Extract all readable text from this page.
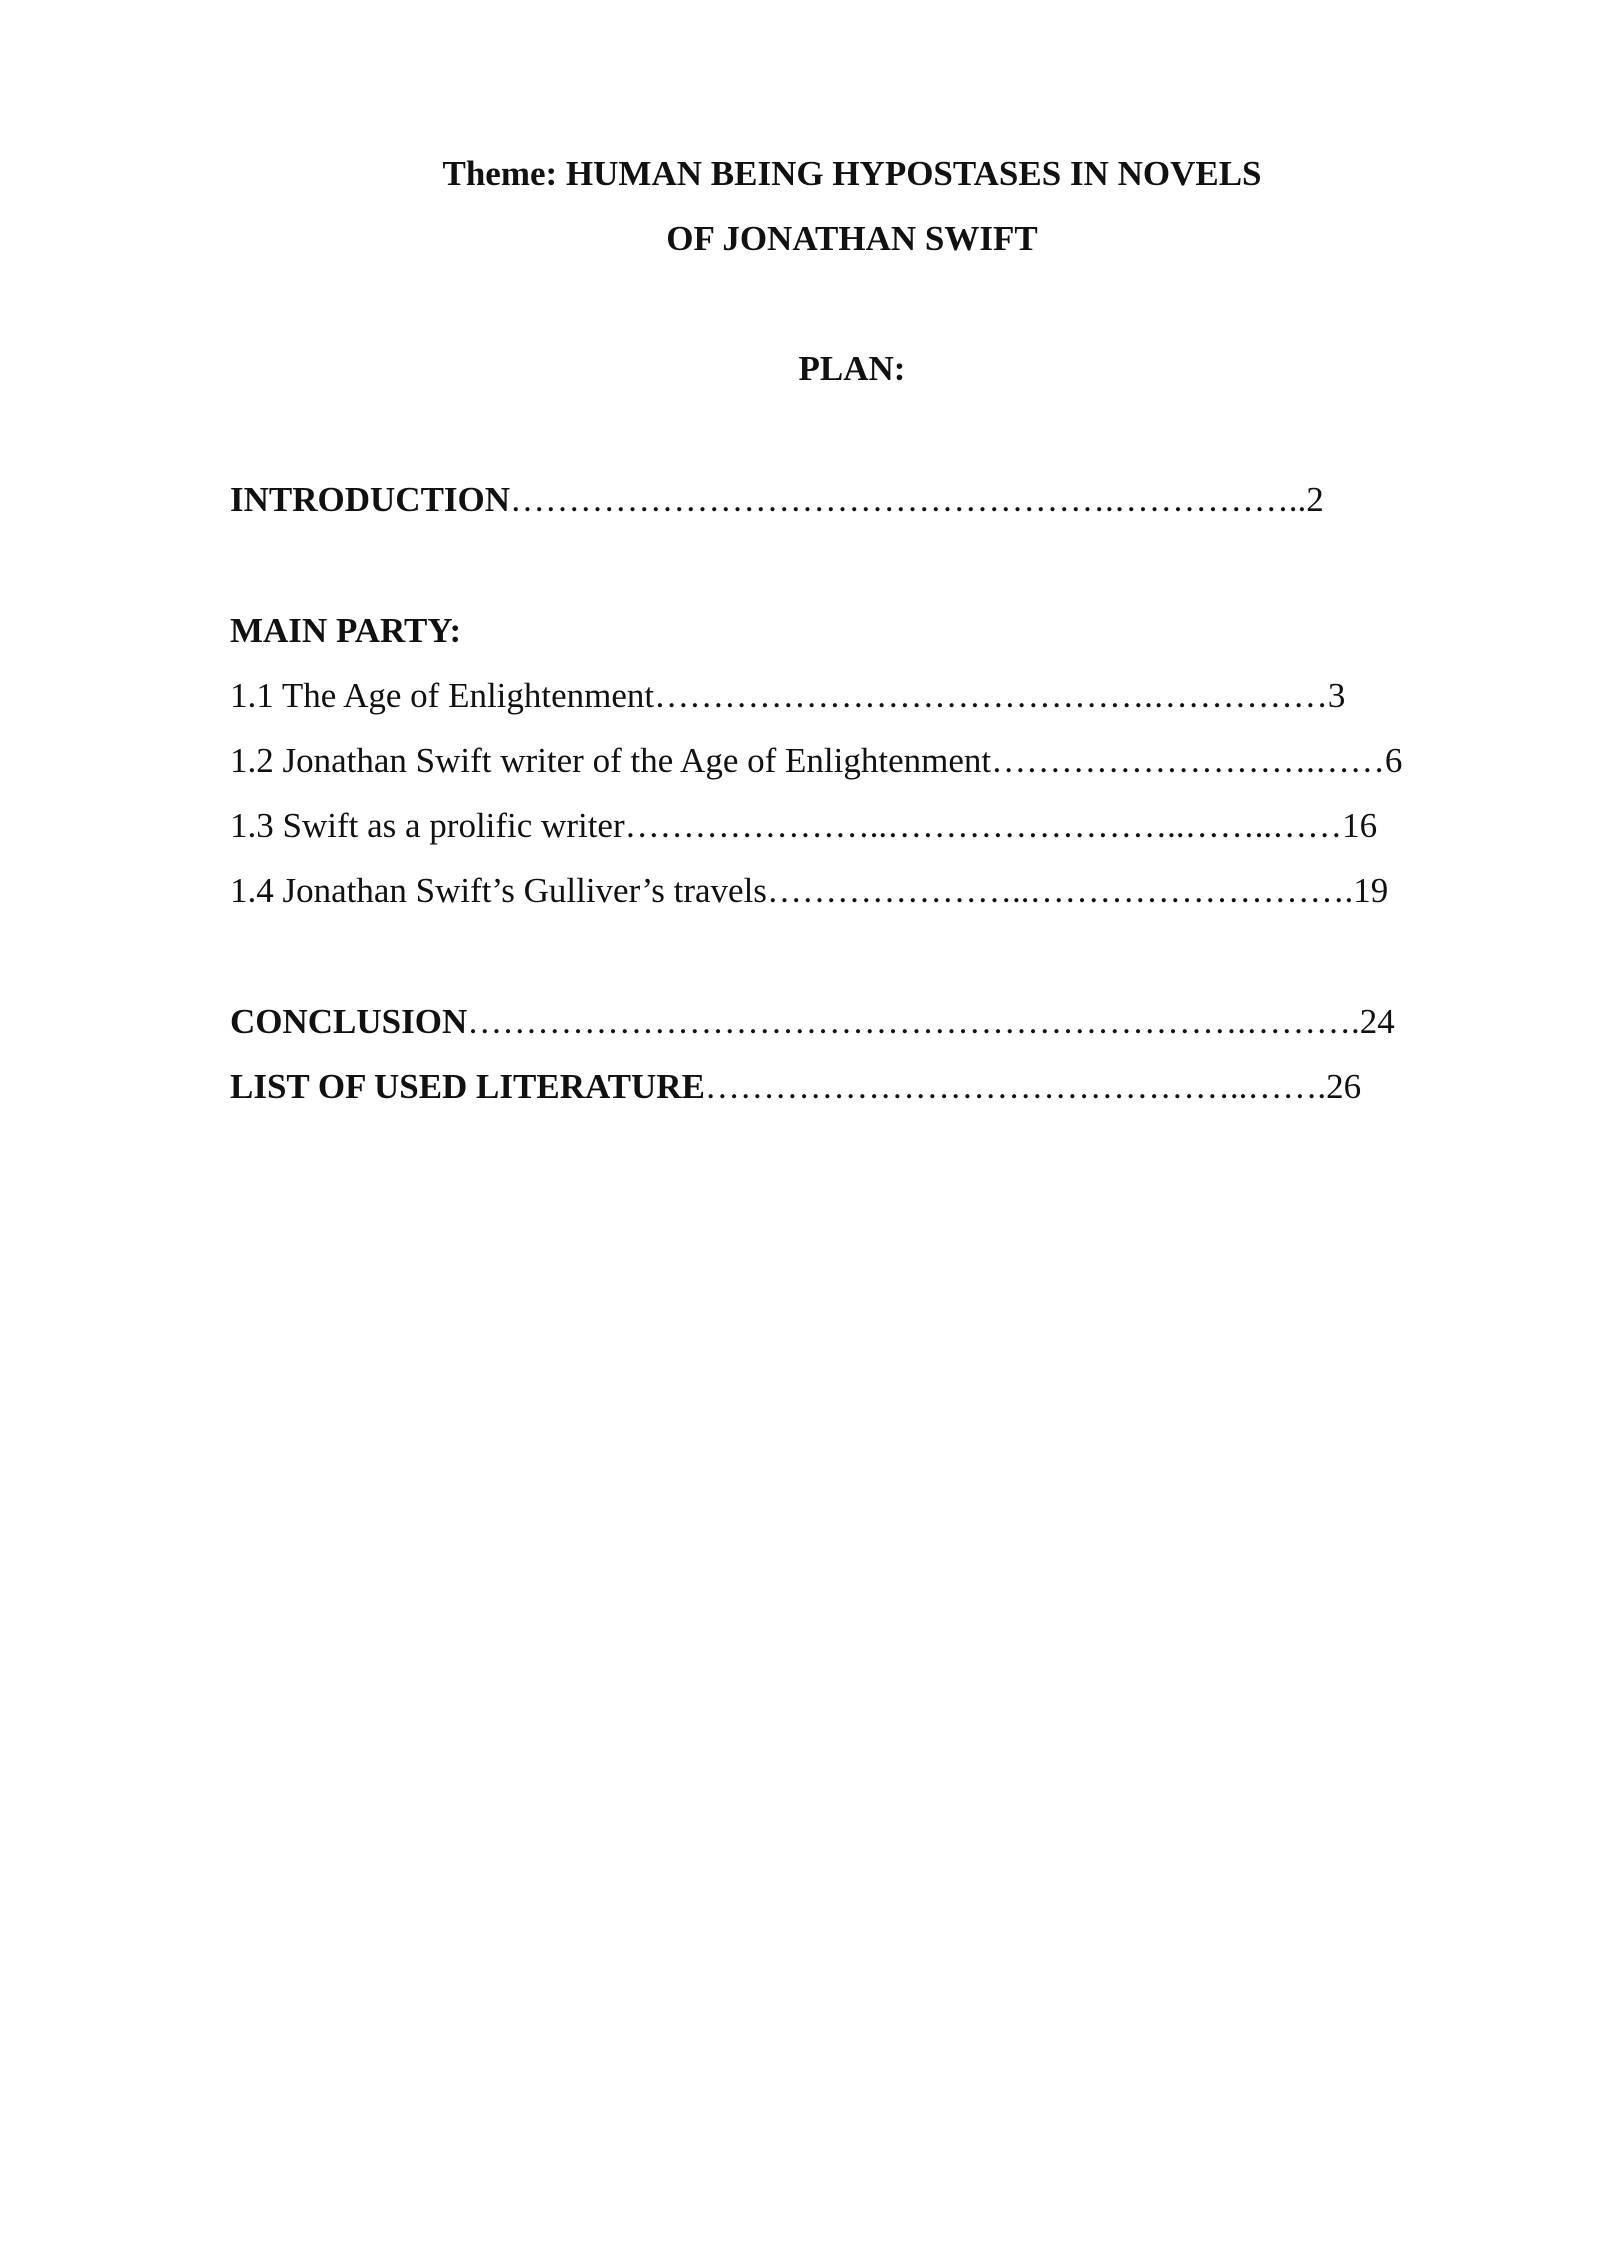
Theme: HUMAN BEING HYPOSTASES IN NOVELS
OF JONATHAN SWIFT
PLAN:
INTRODUCTION…………………………………………….……………..2
MAIN PARTY:
1.1 The Age of Enlightenment…………………………………….……………3
1.2 Jonathan Swift writer of the Age of Enlightenment……………………….……6
1.3 Swift as a prolific writer…………………..……………………..……..……16
1.4 Jonathan Swift’s Gulliver’s travels…………………..……………………….19
CONCLUSION………………………………………………………….……….24
LIST OF USED LITERATURE………………………………………..…….26
